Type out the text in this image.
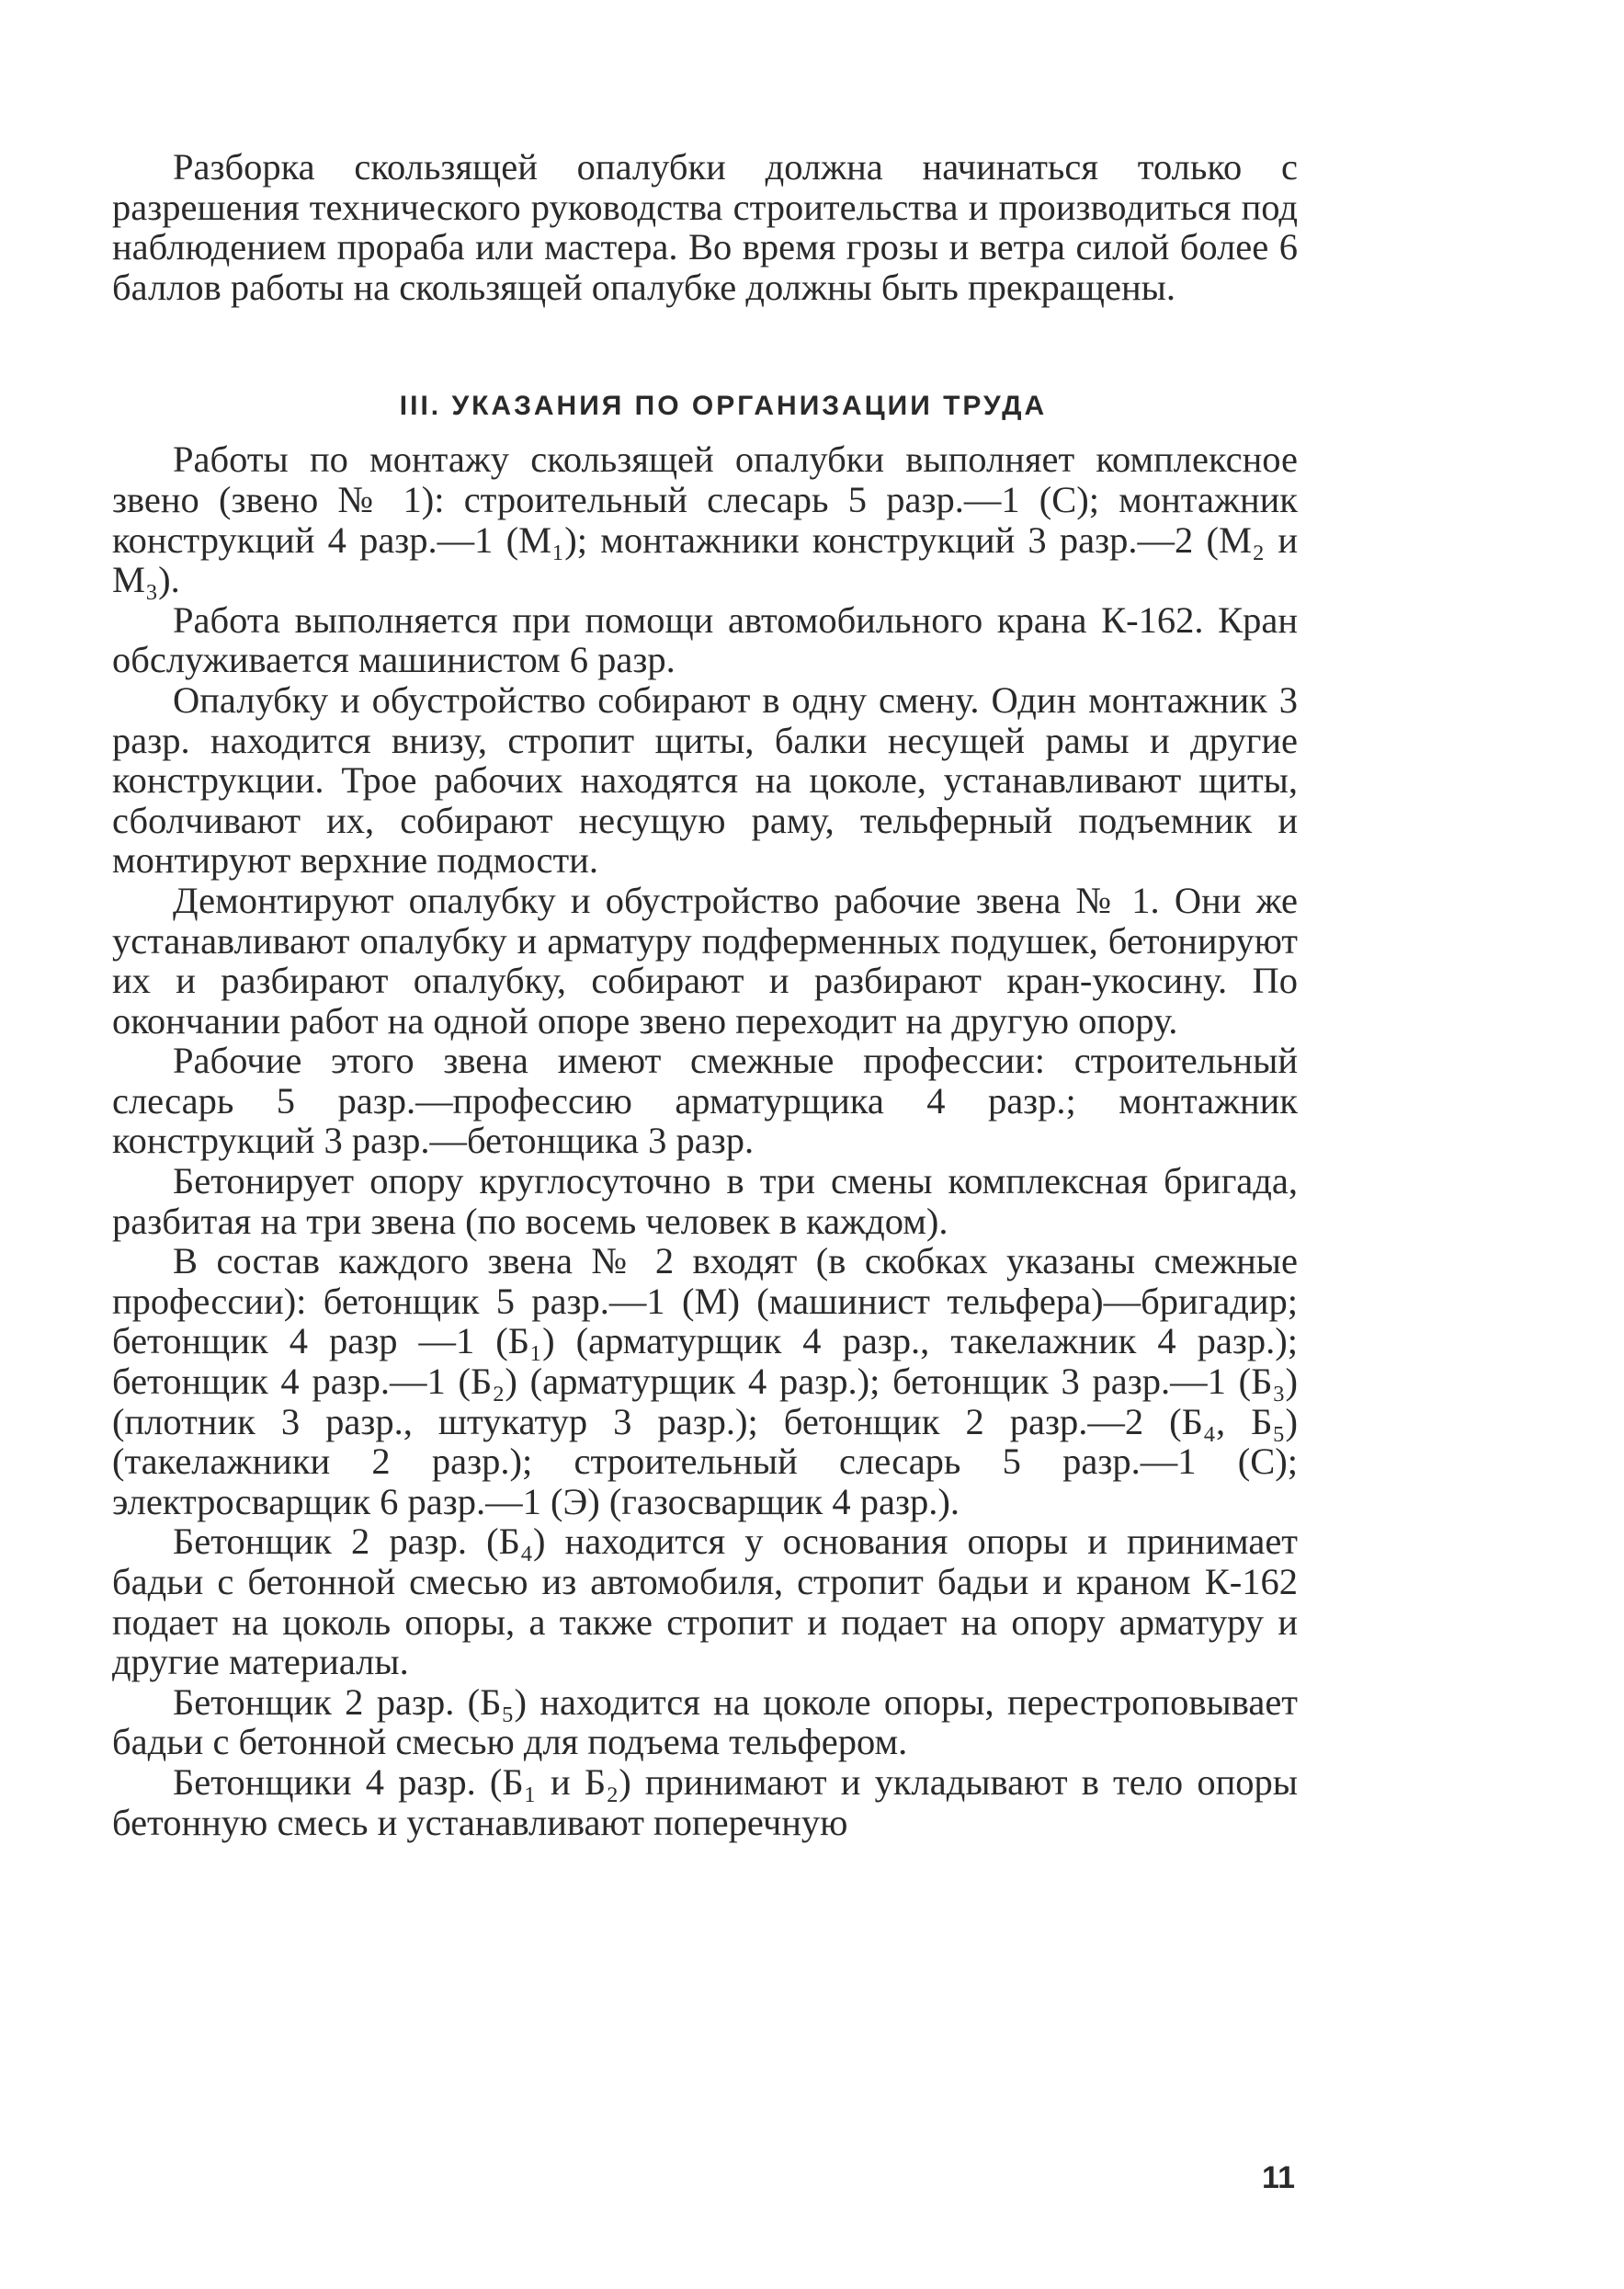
Разборка скользящей опалубки должна начинаться только с разрешения технического руководства строительства и производиться под наблюдением прораба или мастера. Во время грозы и ветра силой более 6 баллов работы на скользящей опалубке должны быть прекращены.

III. УКАЗАНИЯ ПО ОРГАНИЗАЦИИ ТРУДА

Работы по монтажу скользящей опалубки выполняет комплексное звено (звено № 1): строительный слесарь 5 разр.—1 (С); монтажник конструкций 4 разр.—1 (М₁); монтажники конструкций 3 разр.—2 (М₂ и М₃).

Работа выполняется при помощи автомобильного крана К-162. Кран обслуживается машинистом 6 разр.

Опалубку и обустройство собирают в одну смену. Один монтажник 3 разр. находится внизу, стропит щиты, балки несущей рамы и другие конструкции. Трое рабочих находятся на цоколе, устанавливают щиты, сболчивают их, собирают несущую раму, тельферный подъемник и монтируют верхние подмости.

Демонтируют опалубку и обустройство рабочие звена № 1. Они же устанавливают опалубку и арматуру подферменных подушек, бетонируют их и разбирают опалубку, собирают и разбирают кран-укосину. По окончании работ на одной опоре звено переходит на другую опору.

Рабочие этого звена имеют смежные профессии: строительный слесарь 5 разр.—профессию арматурщика 4 разр.; монтажник конструкций 3 разр.—бетонщика 3 разр.

Бетонирует опору круглосуточно в три смены комплексная бригада, разбитая на три звена (по восемь человек в каждом).

В состав каждого звена № 2 входят (в скобках указаны смежные профессии): бетонщик 5 разр.—1 (М) (машинист тельфера)—бригадир; бетонщик 4 разр —1 (Б₁) (арматурщик 4 разр., такелажник 4 разр.); бетонщик 4 разр.—1 (Б₂) (арматурщик 4 разр.); бетонщик 3 разр.—1 (Б₃) (плотник 3 разр., штукатур 3 разр.); бетонщик 2 разр.—2 (Б₄, Б₅) (такелажники 2 разр.); строительный слесарь 5 разр.—1 (С); электросварщик 6 разр.—1 (Э) (газосварщик 4 разр.).

Бетонщик 2 разр. (Б₄) находится у основания опоры и принимает бадьи с бетонной смесью из автомобиля, стропит бадьи и краном К-162 подает на цоколь опоры, а также стропит и подает на опору арматуру и другие материалы.

Бетонщик 2 разр. (Б₅) находится на цоколе опоры, перестроповывает бадьи с бетонной смесью для подъема тельфером.

Бетонщики 4 разр. (Б₁ и Б₂) принимают и укладывают в тело опоры бетонную смесь и устанавливают поперечную

11
